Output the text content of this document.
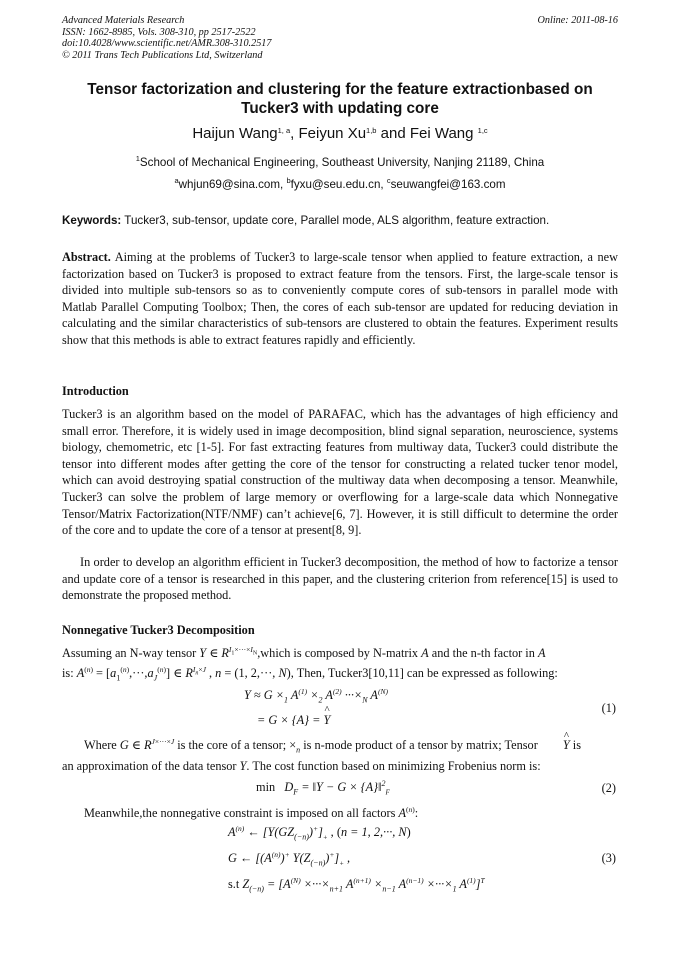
Advanced Materials Research
ISSN: 1662-8985, Vols. 308-310, pp 2517-2522
doi:10.4028/www.scientific.net/AMR.308-310.2517
© 2011 Trans Tech Publications Ltd, Switzerland
Online: 2011-08-16
Tensor factorization and clustering for the feature extractionbased on
Tucker3 with updating core
Haijun Wang$^{1, a}$, Feiyun Xu$^{1,b}$ and Fei Wang $^{1,c}$
$^1$School of Mechanical Engineering, Southeast University, Nanjing 21189, China
$^a$whjun69@sina.com, $^b$fyxu@seu.edu.cn, $^c$seuwangfei@163.com
Keywords: Tucker3, sub-tensor, update core, Parallel mode, ALS algorithm, feature extraction.

Abstract. Aiming at the problems of Tucker3 to large-scale tensor when applied to feature extraction, a new factorization based on Tucker3 is proposed to extract feature from the tensors. First, the large-scale tensor is divided into multiple sub-tensors so as to conveniently compute cores of sub-tensors in parallel mode with Matlab Parallel Computing Toolbox; Then, the cores of each sub-tensor are updated for reducing deviation in calculating and the similar characteristics of sub-tensors are clustered to obtain the features. Experiment results show that this methods is able to extract features rapidly and efficiently.

Introduction

Tucker3 is an algorithm based on the model of PARAFAC, which has the advantages of high efficiency and small error. Therefore, it is widely used in image decomposition, blind signal separation, neuroscience, systems biology, chemometric, etc [1-5]. For fast extracting features from multiway data, Tucker3 could distribute the tensor into different modes after getting the core of the tensor for constructing a related tucker tenor model, which can avoid destroying spatial construction of the multiway data when decomposing a tensor. Meanwhile, Tucker3 can solve the problem of large memory or overflowing for a large-scale data which Nonnegative Tensor/Matrix Factorization(NTF/NMF) can’t achieve[6, 7]. However, it is still difficult to determine the order of the core and to update the core of a tensor at present[8, 9].

In order to develop an algorithm efficient in Tucker3 decomposition, the method of how to factorize a tensor and update core of a tensor is researched in this paper, and the clustering criterion from reference[15] is used to demonstrate the proposed method.

Nonnegative Tucker3 Decomposition
Assuming an N-way tensor Y ∈ $R^{I_1\times\cdot\cdot\cdot\times I_N},which$ is composed by N-matrix A and the n-th factor in A
is: $A^{(n)} = [a_1^{(n)},\cdot\cdot\cdot,a_J^{(n)}]$ ∈ $R^{I_n\times J}$ , n = (1, 2,···, N), Then, Tucker3[10,11] can be expressed as following:
$Y \approx G \times_1$ $A^{(1)} \times_2$ $A^{(2)} \cdot\cdot\cdot\times_N$ $A^{(N)}$
= G × {A} = ^ Y
(1)
Where G ∈ $R^{J\times\cdot\cdot\cdot\times J}$ is the core of a tensor; $\times_n$ is n-mode product of a tensor by matrix; Tensor ^ Y is
an approximation of the data tensor Y. The cost function based on minimizing Frobenius norm is:
$\min D_F$ = ‖Y − G × {A}‖$^2_F$	(2)
Meanwhile,the nonnegative constraint is imposed on all factors $A^{(n)}$:
$A^{(n)}$ ← $[Y(GZ_{(-n)})^+]_+$ , (n = 1, 2,···, N)
G ← [$(A^{(n)})^+$ $Y(Z_{(-n)})^+]_+$ ,
s.t $Z_{(-n)} = [A^{(N)} \times\cdot\cdot\cdot\times_{n+1}$ $A^{(n+1)} \times_{n-1}$ $A^{(n-1)} \times\cdot\cdot\cdot\times_1$ $A^{(1)}]^T$
(3)
